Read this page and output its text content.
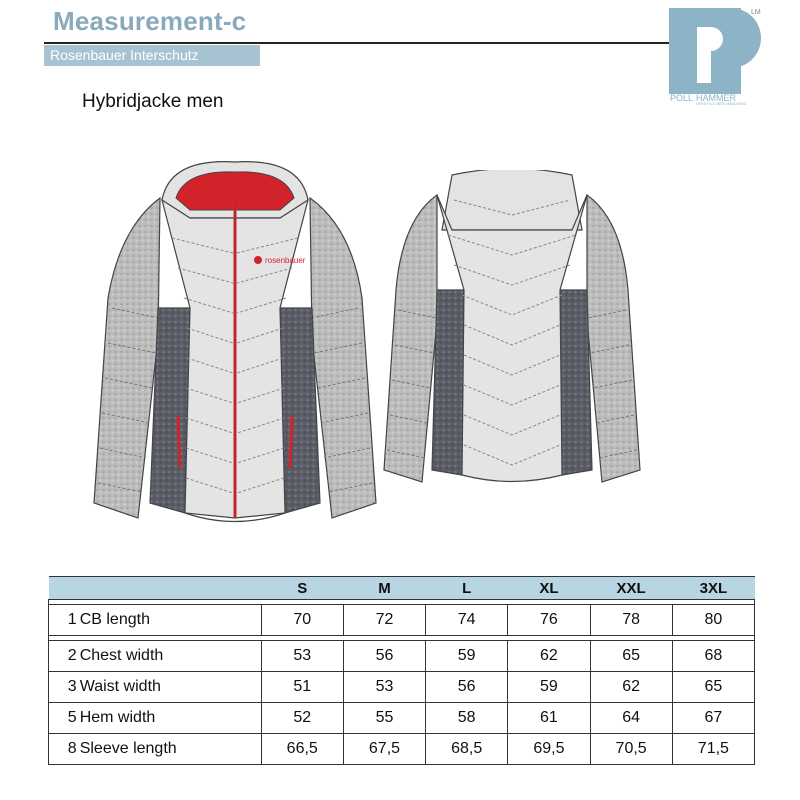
Measurement-c
Rosenbauer Interschutz
LM
POLL HAMMER
LIFESTYLE MERCHANDISING
Hybridjacke men
rosenbauer
		S	M	L	XL	XXL	3XL

1	CB length	70	72	74	76	78	80

2	Chest width	53	56	59	62	65	68
3	Waist width	51	53	56	59	62	65
5	Hem width	52	55	58	61	64	67
8	Sleeve length	66,5	67,5	68,5	69,5	70,5	71,5
